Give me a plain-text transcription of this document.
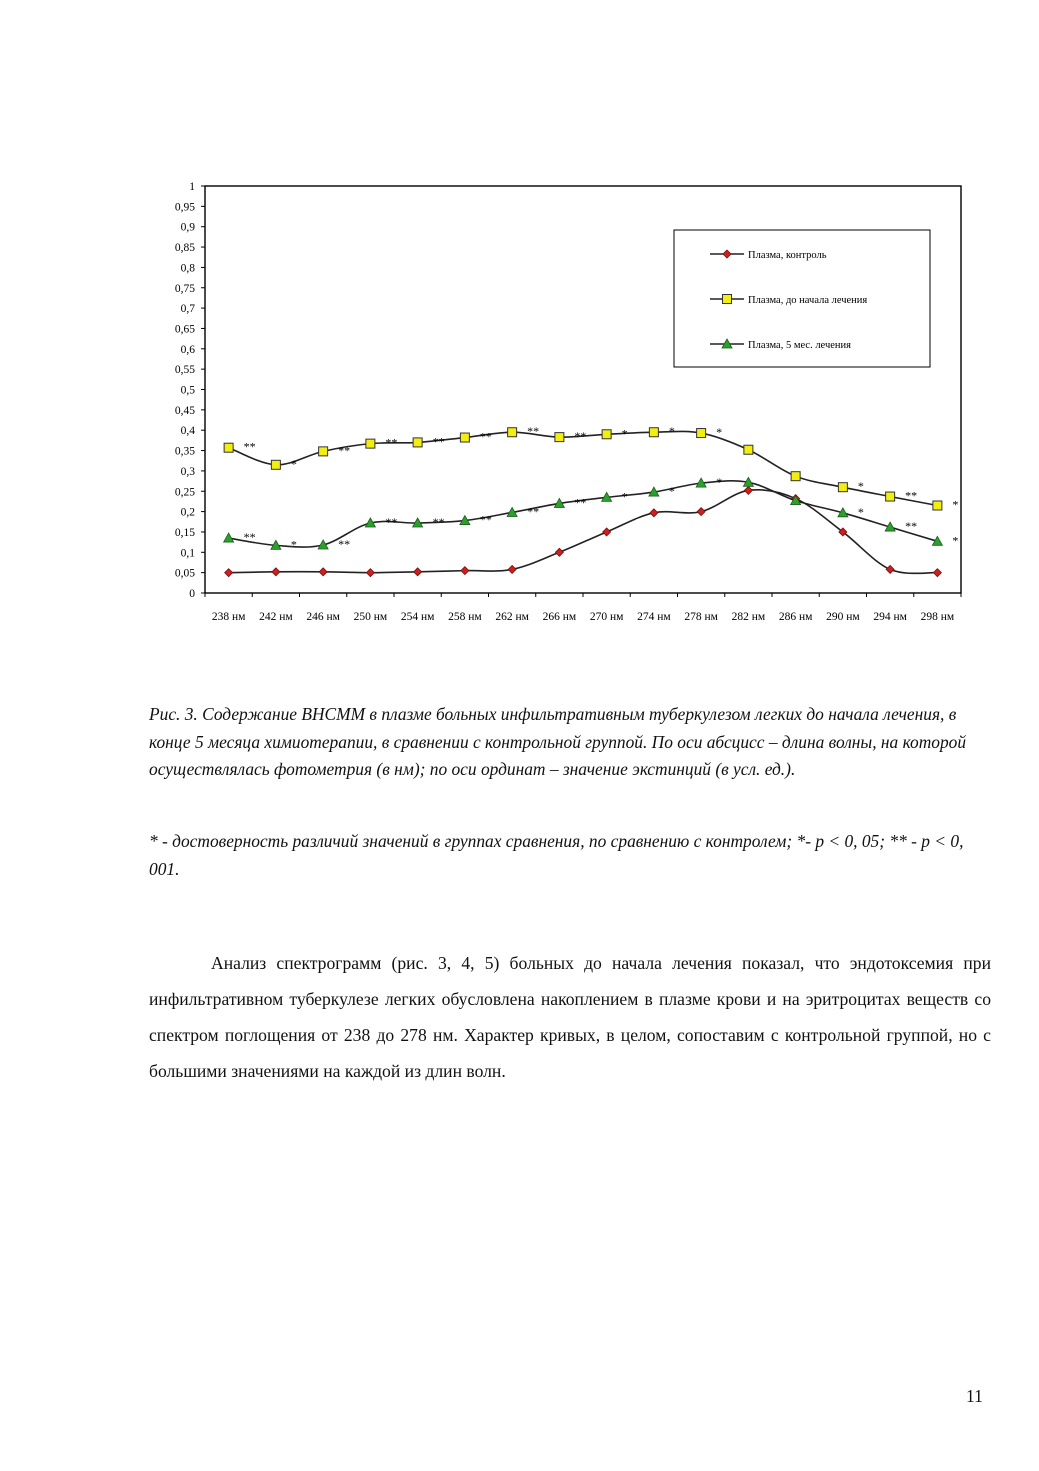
0
0,05
0,1
0,15
0,2
0,25
0,3
0,35
0,4
0,45
0,5
0,55
0,6
0,65
0,7
0,75
0,8
0,85
0,9
0,95
1
238 нм 242 нм 246 нм 250 нм 254 нм 258 нм 262 нм 266 нм 270 нм 274 нм 278 нм 282 нм 286 нм 290 нм 294 нм 298 нм
**
*
**
**	**	**	**	**	*	*	*
*
**
*
**
*	**
**	**	**
**
**	*	*
*
*
**
*
Плазма, контроль
Плазма, до начала лечения
Плазма, 5 мес. лечения

Рис. 3. Содержание ВНСММ в плазме больных инфильтративным туберкулезом легких до начала лечения, в конце 5 месяца химиотерапии, в сравнении с контрольной группой. По оси абсцисс – длина волны, на которой осуществлялась фотометрия (в нм); по оси ординат – значение экстинций (в усл. ед.).

* - достоверность различий значений в группах сравнения, по сравнению с контролем; *- p < 0, 05; ** - p < 0, 001.

Анализ спектрограмм (рис. 3, 4, 5) больных до начала лечения показал, что эндотоксемия при инфильтративном туберкулезе легких обусловлена накоплением в плазме крови и на эритроцитах веществ со спектром поглощения от 238 до 278 нм. Характер кривых, в целом, сопоставим с контрольной группой, но с большими значениями на каждой из длин волн.

11
